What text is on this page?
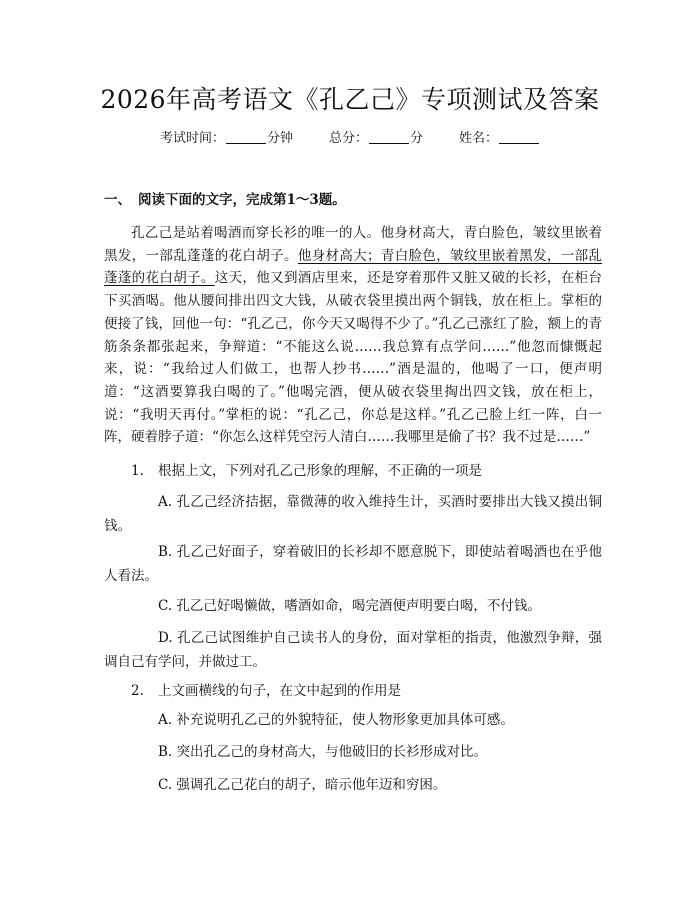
2026年高考语文《孔乙己》专项测试及答案
考试时间：	分钟	总分：	分	姓名：
一、 阅读下面的文字，完成第1～3题。

孔乙己是站着喝酒而穿长衫的唯一的人。他身材高大，青白脸色，皱纹里嵌着黑发，一部乱蓬蓬的花白胡子。他身材高大；青白脸色，皱纹里嵌着黑发，一部乱蓬蓬的花白胡子。这天，他又到酒店里来，还是穿着那件又脏又破的长衫，在柜台下买酒喝。他从腰间排出四文大钱，从破衣袋里摸出两个铜钱，放在柜上。掌柜的便接了钱，回他一句：“孔乙己，你今天又喝得不少了。”孔乙己涨红了脸，额上的青筋条条都张起来，争辩道：“不能这么说……我总算有点学问……”他忽而慷慨起来，说：“我给过人们做工，也帮人抄书……”酒是温的，他喝了一口，便声明道：“这酒要算我白喝的了。”他喝完酒，便从破衣袋里掏出四文钱，放在柜上，说：“我明天再付。”掌柜的说：“孔乙己，你总是这样。”孔乙己脸上红一阵，白一阵，硬着脖子道：“你怎么这样凭空污人清白……我哪里是偷了书？我不过是……”

1. 根据上文，下列对孔乙己形象的理解，不正确的一项是

A. 孔乙己经济拮据，靠微薄的收入维持生计，买酒时要排出大钱又摸出铜钱。

B. 孔乙己好面子，穿着破旧的长衫却不愿意脱下，即使站着喝酒也在乎他人看法。

C. 孔乙己好喝懒做，嗜酒如命，喝完酒便声明要白喝，不付钱。

D. 孔乙己试图维护自己读书人的身份，面对掌柜的指责，他激烈争辩，强调自己有学问，并做过工。

2. 上文画横线的句子，在文中起到的作用是

A. 补充说明孔乙己的外貌特征，使人物形象更加具体可感。

B. 突出孔乙己的身材高大，与他破旧的长衫形成对比。

C. 强调孔乙己花白的胡子，暗示他年迈和穷困。
